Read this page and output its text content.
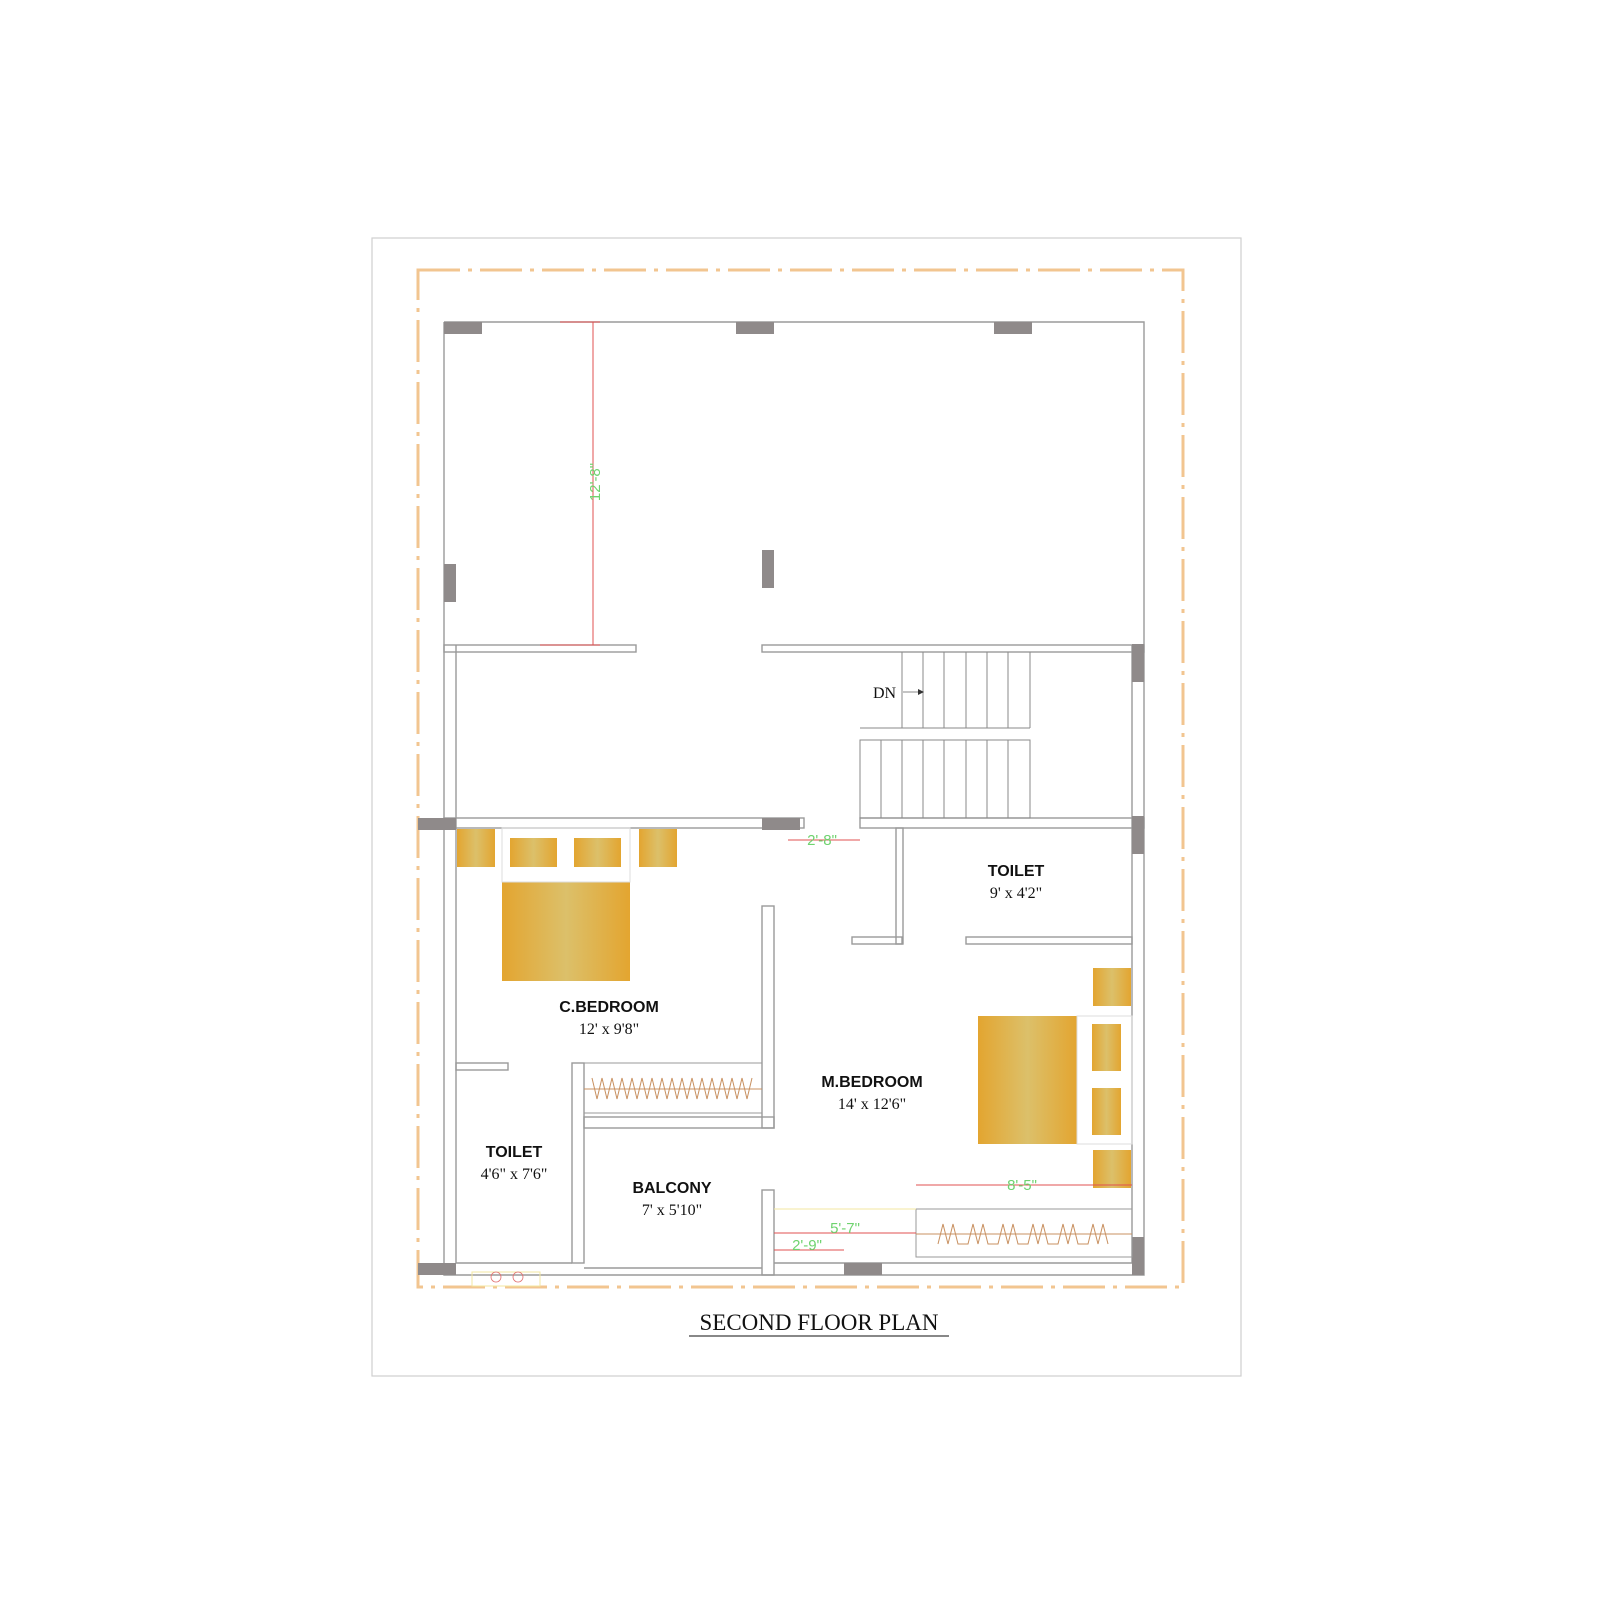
DN
12'-8"
2'-8"
8'-5"
5'-7"
2'-9"
C.BEDROOM
12' x 9'8"
M.BEDROOM
14' x 12'6"
TOILET
9' x 4'2"
TOILET
4'6" x 7'6"
BALCONY
7' x 5'10"
SECOND FLOOR PLAN
